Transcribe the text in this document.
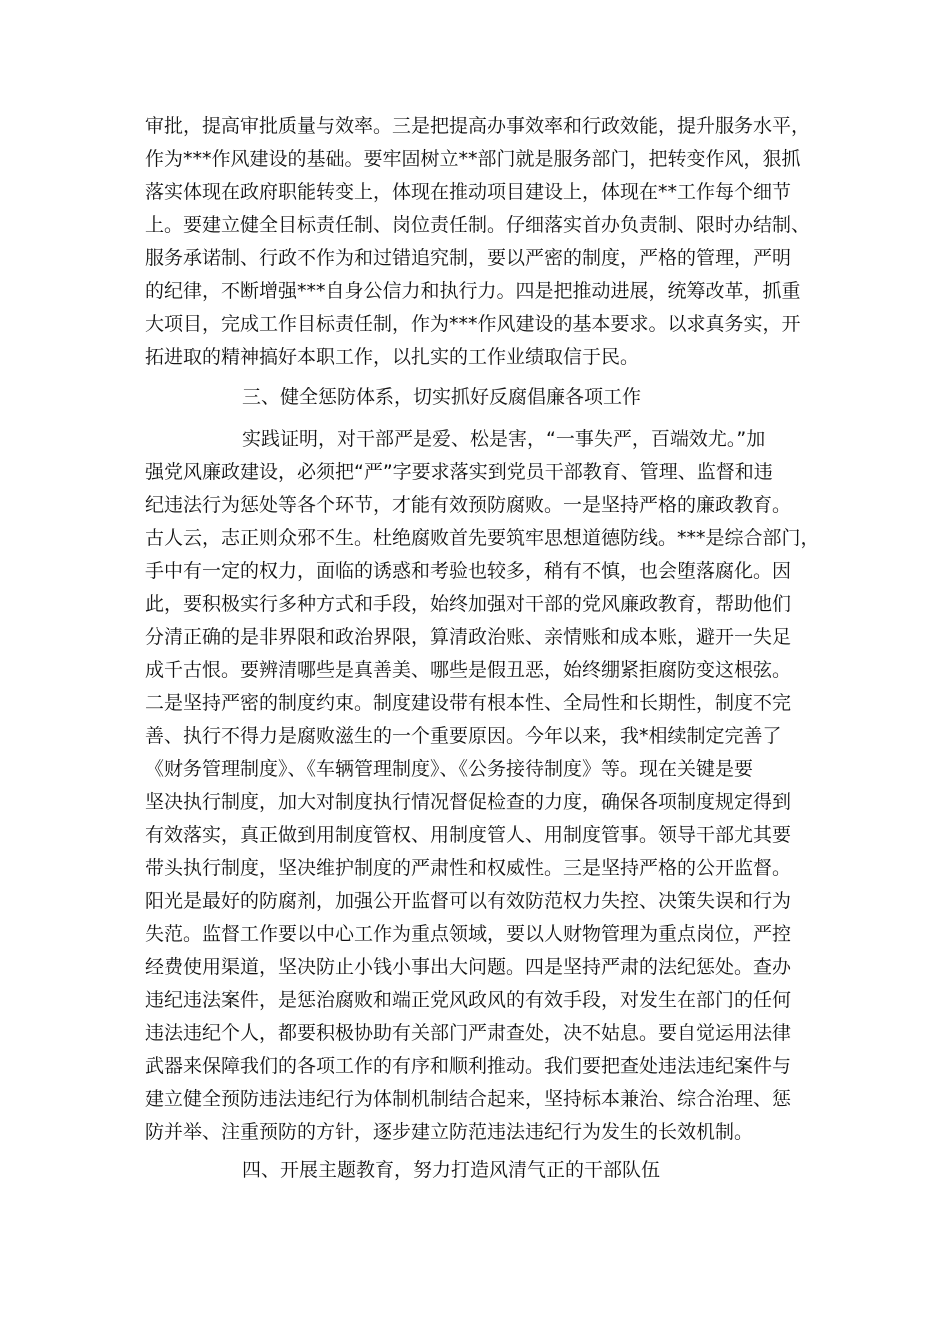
审批，提高审批质量与效率。三是把提高办事效率和行政效能，提升服务水平，

作为***作风建设的基础。要牢固树立**部门就是服务部门，把转变作风，狠抓

落实体现在政府职能转变上，体现在推动项目建设上，体现在**工作每个细节

上。要建立健全目标责任制、岗位责任制。仔细落实首办负责制、限时办结制、

服务承诺制、行政不作为和过错追究制，要以严密的制度，严格的管理，严明

的纪律，不断增强***自身公信力和执行力。四是把推动进展，统筹改革，抓重

大项目，完成工作目标责任制，作为***作风建设的基本要求。以求真务实，开

拓进取的精神搞好本职工作，以扎实的工作业绩取信于民。

三、健全惩防体系，切实抓好反腐倡廉各项工作

实践证明，对干部严是爱、松是害，“一事失严，百端效尤。”加

强党风廉政建设，必须把“严”字要求落实到党员干部教育、管理、监督和违

纪违法行为惩处等各个环节，才能有效预防腐败。一是坚持严格的廉政教育。

古人云，志正则众邪不生。杜绝腐败首先要筑牢思想道德防线。***是综合部门，

手中有一定的权力，面临的诱惑和考验也较多，稍有不慎，也会堕落腐化。因

此，要积极实行多种方式和手段，始终加强对干部的党风廉政教育，帮助他们

分清正确的是非界限和政治界限，算清政治账、亲情账和成本账，避开一失足

成千古恨。要辨清哪些是真善美、哪些是假丑恶，始终绷紧拒腐防变这根弦。

二是坚持严密的制度约束。制度建设带有根本性、全局性和长期性，制度不完

善、执行不得力是腐败滋生的一个重要原因。今年以来，我*相续制定完善了

《财务管理制度》、《车辆管理制度》、《公务接待制度》等。现在关键是要

坚决执行制度，加大对制度执行情况督促检查的力度，确保各项制度规定得到

有效落实，真正做到用制度管权、用制度管人、用制度管事。领导干部尤其要

带头执行制度，坚决维护制度的严肃性和权威性。三是坚持严格的公开监督。

阳光是最好的防腐剂，加强公开监督可以有效防范权力失控、决策失误和行为

失范。监督工作要以中心工作为重点领域，要以人财物管理为重点岗位，严控

经费使用渠道，坚决防止小钱小事出大问题。四是坚持严肃的法纪惩处。查办

违纪违法案件，是惩治腐败和端正党风政风的有效手段，对发生在部门的任何

违法违纪个人，都要积极协助有关部门严肃查处，决不姑息。要自觉运用法律

武器来保障我们的各项工作的有序和顺利推动。我们要把查处违法违纪案件与

建立健全预防违法违纪行为体制机制结合起来，坚持标本兼治、综合治理、惩

防并举、注重预防的方针，逐步建立防范违法违纪行为发生的长效机制。

四、开展主题教育，努力打造风清气正的干部队伍
